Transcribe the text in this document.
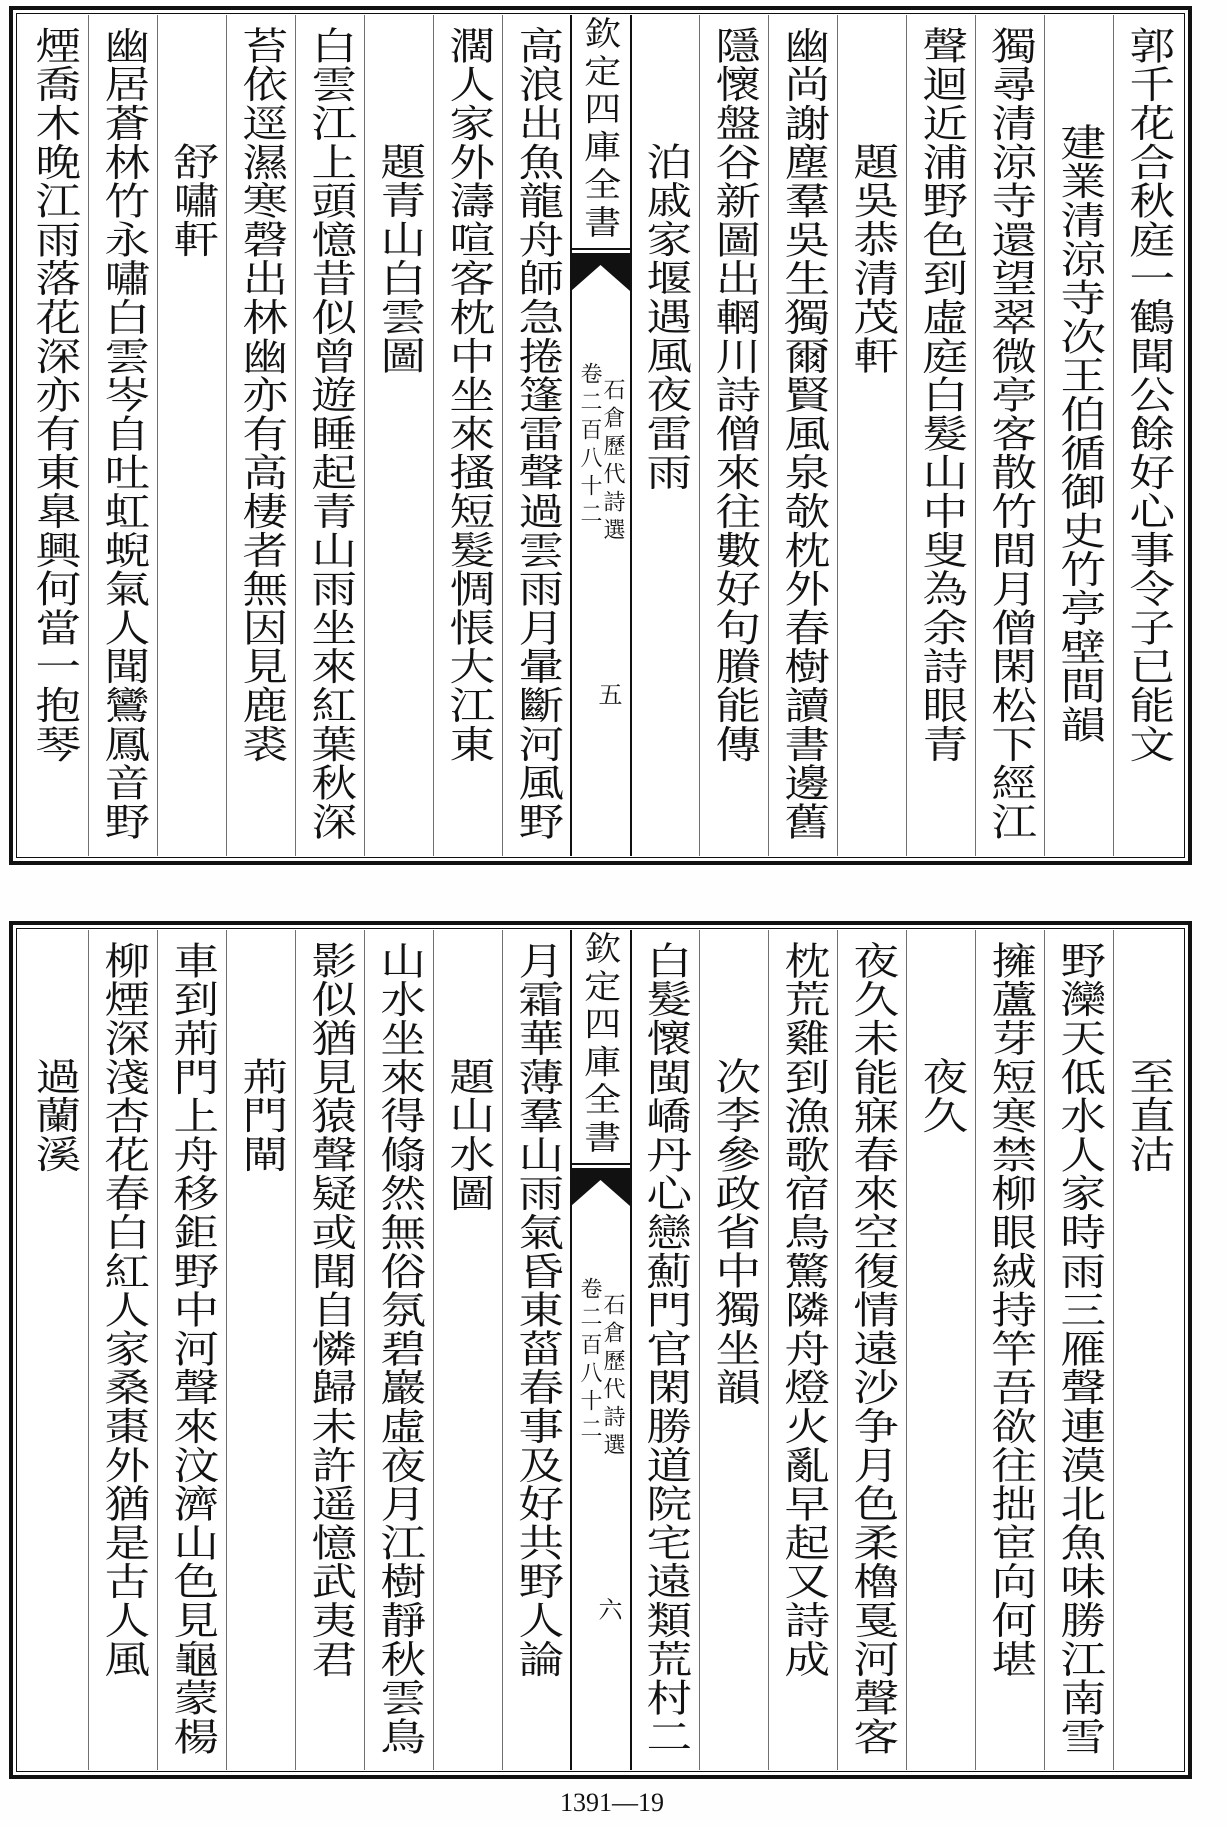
郭千花合秋庭一鶴聞公餘好心事令子已能文
建業清涼寺次王伯循御史竹亭壁間韻
獨尋清涼寺還望翠微亭客散竹間月僧閑松下經江
聲迴近浦野色到虛庭白髮山中叟為余詩眼青
題吳恭清茂軒
幽尚謝塵羣吳生獨爾賢風泉欹枕外春樹讀書邊舊
隱懷盤谷新圖出輞川詩僧來往數好句賸能傳
泊戚家堰遇風夜雷雨
欽定四庫全書
石倉歷代詩選
卷二百八十二
五
高浪出魚龍舟師急捲篷雷聲過雲雨月暈斷河風野
濶人家外濤喧客枕中坐來搔短髮惆悵大江東
題青山白雲圖
白雲江上頭憶昔似曾遊睡起青山雨坐來紅葉秋深
苔依逕濕寒磬出林幽亦有高棲者無因見鹿裘
舒嘯軒
幽居蒼林竹永嘯白雲岑自吐虹蜺氣人聞鸞鳳音野
煙喬木晚江雨落花深亦有東臯興何當一抱琴
至直沽
野灤天低水人家時雨三雁聲連漠北魚味勝江南雪
擁蘆芽短寒禁柳眼絨持竿吾欲往拙宦向何堪
夜久
夜久未能寐春來空復情遠沙争月色柔櫓戛河聲客
枕荒雞到漁歌宿鳥驚隣舟燈火亂早起又詩成
次李參政省中獨坐韻
白髮懷閩嶠丹心戀薊門官閑勝道院宅遠類荒村二
欽定四庫全書
石倉歷代詩選
卷二百八十二
六
月霜華薄羣山雨氣昏東菑春事及好共野人論
題山水圖
山水坐來得翛然無俗氛碧巖虛夜月江樹靜秋雲鳥
影似猶見猿聲疑或聞自憐歸未許遥憶武夷君
荊門閘
車到荊門上舟移鉅野中河聲來汶濟山色見龜蒙楊
柳煙深淺杏花春白紅人家桑棗外猶是古人風
過蘭溪
1391—19
